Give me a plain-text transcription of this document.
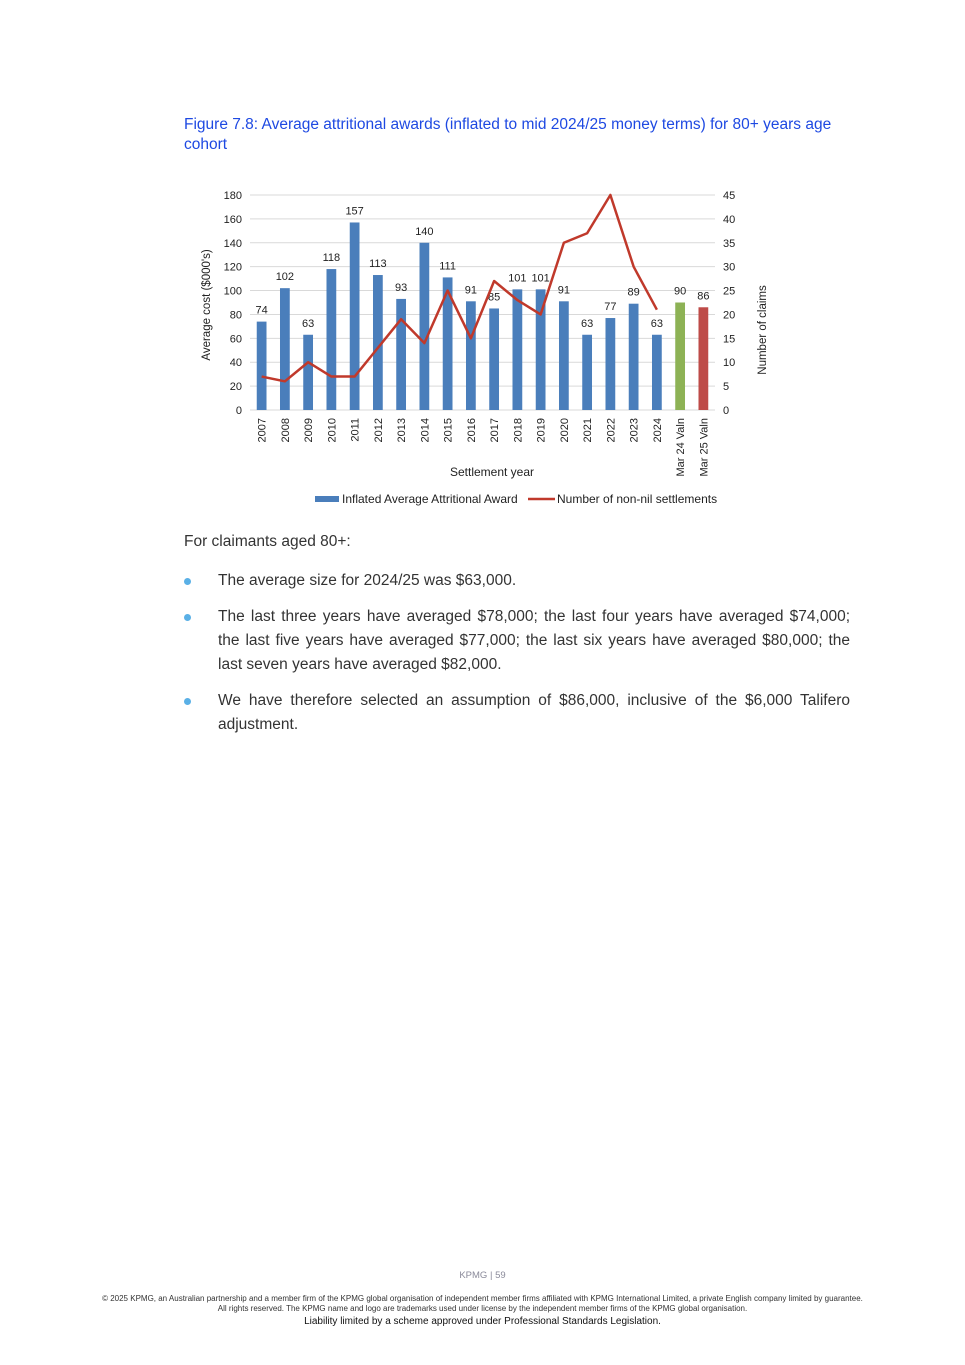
Figure 7.8: Average attritional awards (inflated to mid 2024/25 money terms) for 80+ years age cohort
74
102
63
118
157
113
93
140
111
91
85
101 101
91
63
77
89
63
90 86
0
20
40
60
80
100
120
140
160
180
0
5
10
15
20
25
30
35
40
45
2007 2008 2009 2010 2011 2012 2013 2014 2015 2016 2017 2018 2019 2020 2021 2022 2023 2024 Mar 24 Valn Mar 25 Valn
Settlement year
Average cost ($000's)	Number of claims
Inflated Average Attritional Award	Number of non-nil settlements
For claimants aged 80+:
The average size for 2024/25 was $63,000.
The last three years have averaged $78,000; the last four years have averaged $74,000; the last five years have averaged $77,000; the last six years have averaged $80,000; the last seven years have averaged $82,000.
We have therefore selected an assumption of $86,000, inclusive of the $6,000 Talifero adjustment.
KPMG | 59
© 2025 KPMG, an Australian partnership and a member firm of the KPMG global organisation of independent member firms affiliated with KPMG International Limited, a private English company limited by guarantee. All rights reserved. The KPMG name and logo are trademarks used under license by the independent member firms of the KPMG global organisation.
Liability limited by a scheme approved under Professional Standards Legislation.
